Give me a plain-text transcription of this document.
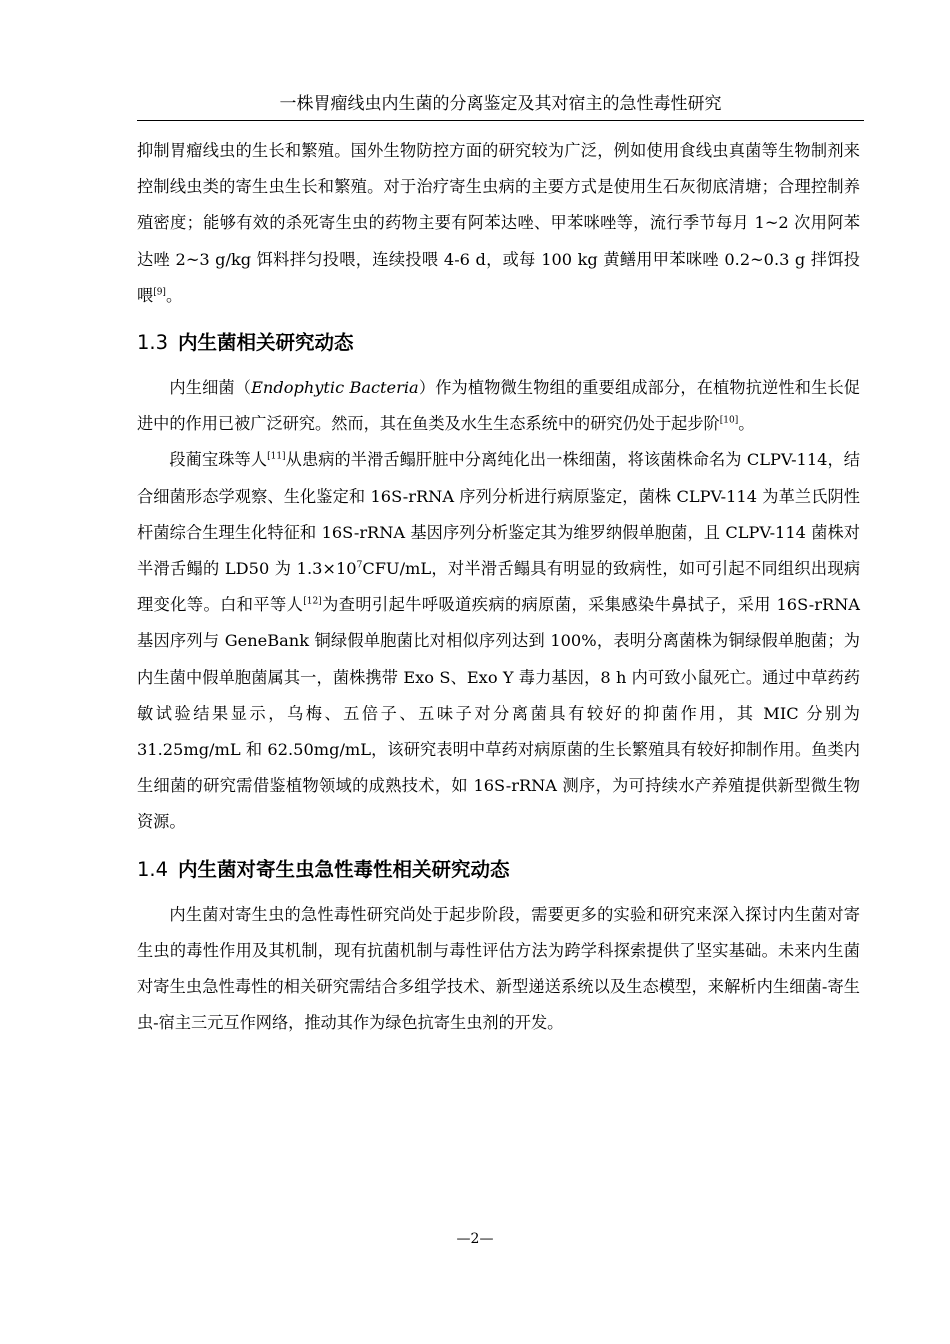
一株胃瘤线虫内生菌的分离鉴定及其对宿主的急性毒性研究

抑制胃瘤线虫的生长和繁殖。国外生物防控方面的研究较为广泛，例如使用食线虫真菌等生物制剂来控制线虫类的寄生虫生长和繁殖。对于治疗寄生虫病的主要方式是使用生石灰彻底清塘；合理控制养殖密度；能够有效的杀死寄生虫的药物主要有阿苯达唑、甲苯咪唑等，流行季节每月 1~2 次用阿苯达唑 2~3 g/kg 饵料拌匀投喂，连续投喂 4-6 d，或每 100 kg 黄鳝用甲苯咪唑 0.2~0.3 g 拌饵投喂[9]。

1.3 内生菌相关研究动态

内生细菌（Endophytic Bacteria）作为植物微生物组的重要组成部分，在植物抗逆性和生长促进中的作用已被广泛研究。然而，其在鱼类及水生生态系统中的研究仍处于起步阶[10]。

段蔺宝珠等人[11]从患病的半滑舌鳎肝脏中分离纯化出一株细菌，将该菌株命名为 CLPV-114，结合细菌形态学观察、生化鉴定和 16S-rRNA 序列分析进行病原鉴定，菌株 CLPV-114 为革兰氏阴性杆菌综合生理生化特征和 16S-rRNA 基因序列分析鉴定其为维罗纳假单胞菌，且 CLPV-114 菌株对半滑舌鳎的 LD50 为 $1.3\times 10^7CFU/mL$，对半滑舌鳎具有明显的致病性，如可引起不同组织出现病理变化等。白和平等人[12]为查明引起牛呼吸道疾病的病原菌，采集感染牛鼻拭子，采用 16S-rRNA 基因序列与 GeneBank 铜绿假单胞菌比对相似序列达到 100%，表明分离菌株为铜绿假单胞菌；为内生菌中假单胞菌属其一，菌株携带 Exo S、Exo Y 毒力基因，8 h 内可致小鼠死亡。通过中草药药敏试验结果显示，乌梅、五倍子、五味子对分离菌具有较好的抑菌作用，其 MIC 分别为 31.25mg/mL 和 62.50mg/mL，该研究表明中草药对病原菌的生长繁殖具有较好抑制作用。鱼类内生细菌的研究需借鉴植物领域的成熟技术，如 16S-rRNA 测序，为可持续水产养殖提供新型微生物资源。

1.4 内生菌对寄生虫急性毒性相关研究动态

内生菌对寄生虫的急性毒性研究尚处于起步阶段，需要更多的实验和研究来深入探讨内生菌对寄生虫的毒性作用及其机制，现有抗菌机制与毒性评估方法为跨学科探索提供了坚实基础。未来内生菌对寄生虫急性毒性的相关研究需结合多组学技术、新型递送系统以及生态模型，来解析内生细菌-寄生虫-宿主三元互作网络，推动其作为绿色抗寄生虫剂的开发。

—2—
